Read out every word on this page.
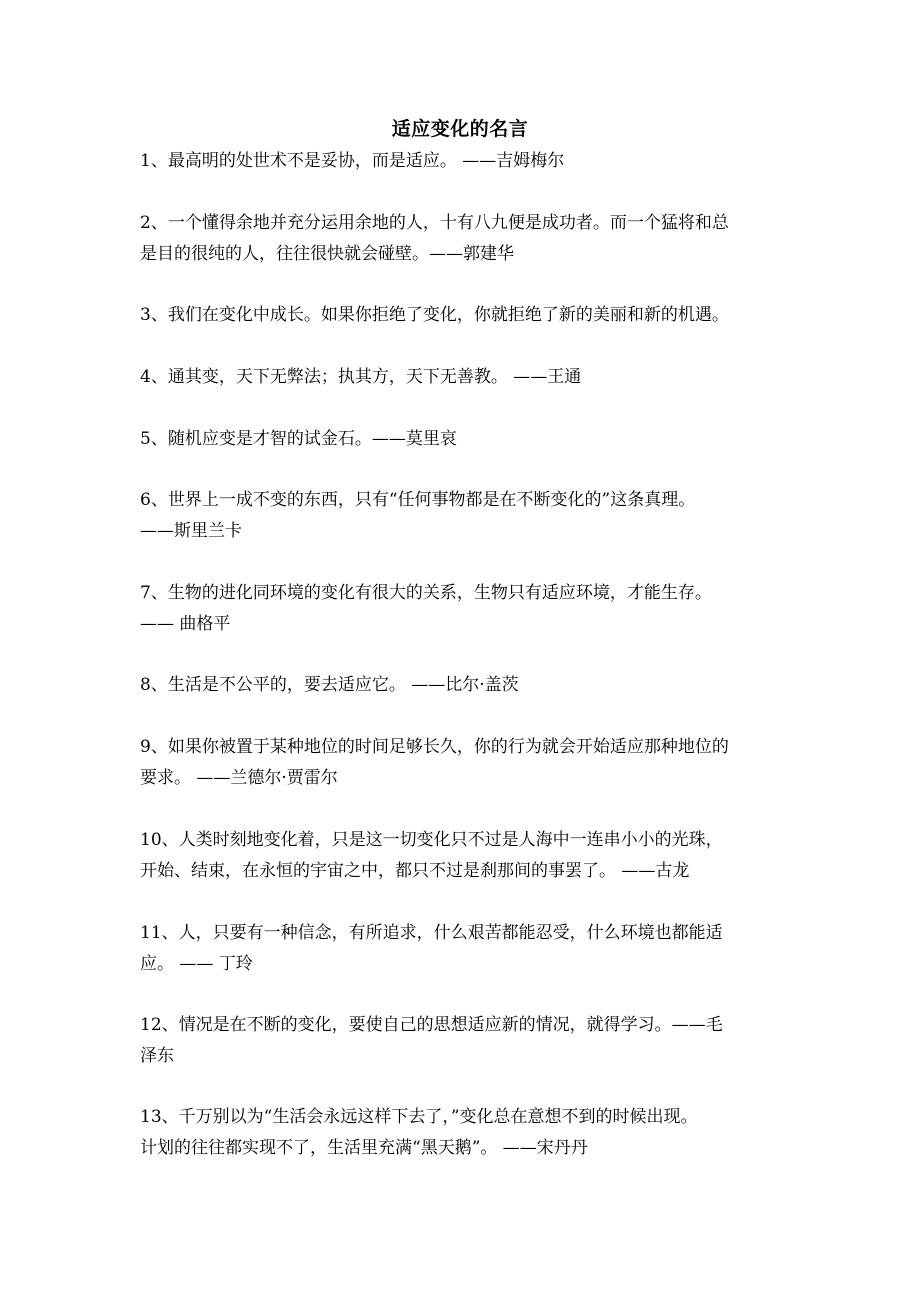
适应变化的名言
1、最高明的处世术不是妥协，而是适应。 ——吉姆梅尔
2、一个懂得余地并充分运用余地的人，十有八九便是成功者。而一个猛将和总
是目的很纯的人，往往很快就会碰壁。——郭建华
3、我们在变化中成长。如果你拒绝了变化，你就拒绝了新的美丽和新的机遇。
4、通其变，天下无弊法；执其方，天下无善教。 ——王通
5、随机应变是才智的试金石。——莫里哀
6、世界上一成不变的东西，只有“任何事物都是在不断变化的”这条真理。
——斯里兰卡
7、生物的进化同环境的变化有很大的关系，生物只有适应环境，才能生存。
—— 曲格平
8、生活是不公平的，要去适应它。 ——比尔·盖茨
9、如果你被置于某种地位的时间足够长久，你的行为就会开始适应那种地位的
要求。 ——兰德尔·贾雷尔
10、人类时刻地变化着，只是这一切变化只不过是人海中一连串小小的光珠，
开始、结束，在永恒的宇宙之中，都只不过是刹那间的事罢了。 ——古龙
11、人，只要有一种信念，有所追求，什么艰苦都能忍受，什么环境也都能适
应。 —— 丁玲
12、情况是在不断的变化，要使自己的思想适应新的情况，就得学习。——毛
泽东
13、千万别以为“生活会永远这样下去了，”变化总在意想不到的时候出现。
计划的往往都实现不了，生活里充满“黑天鹅”。 ——宋丹丹
